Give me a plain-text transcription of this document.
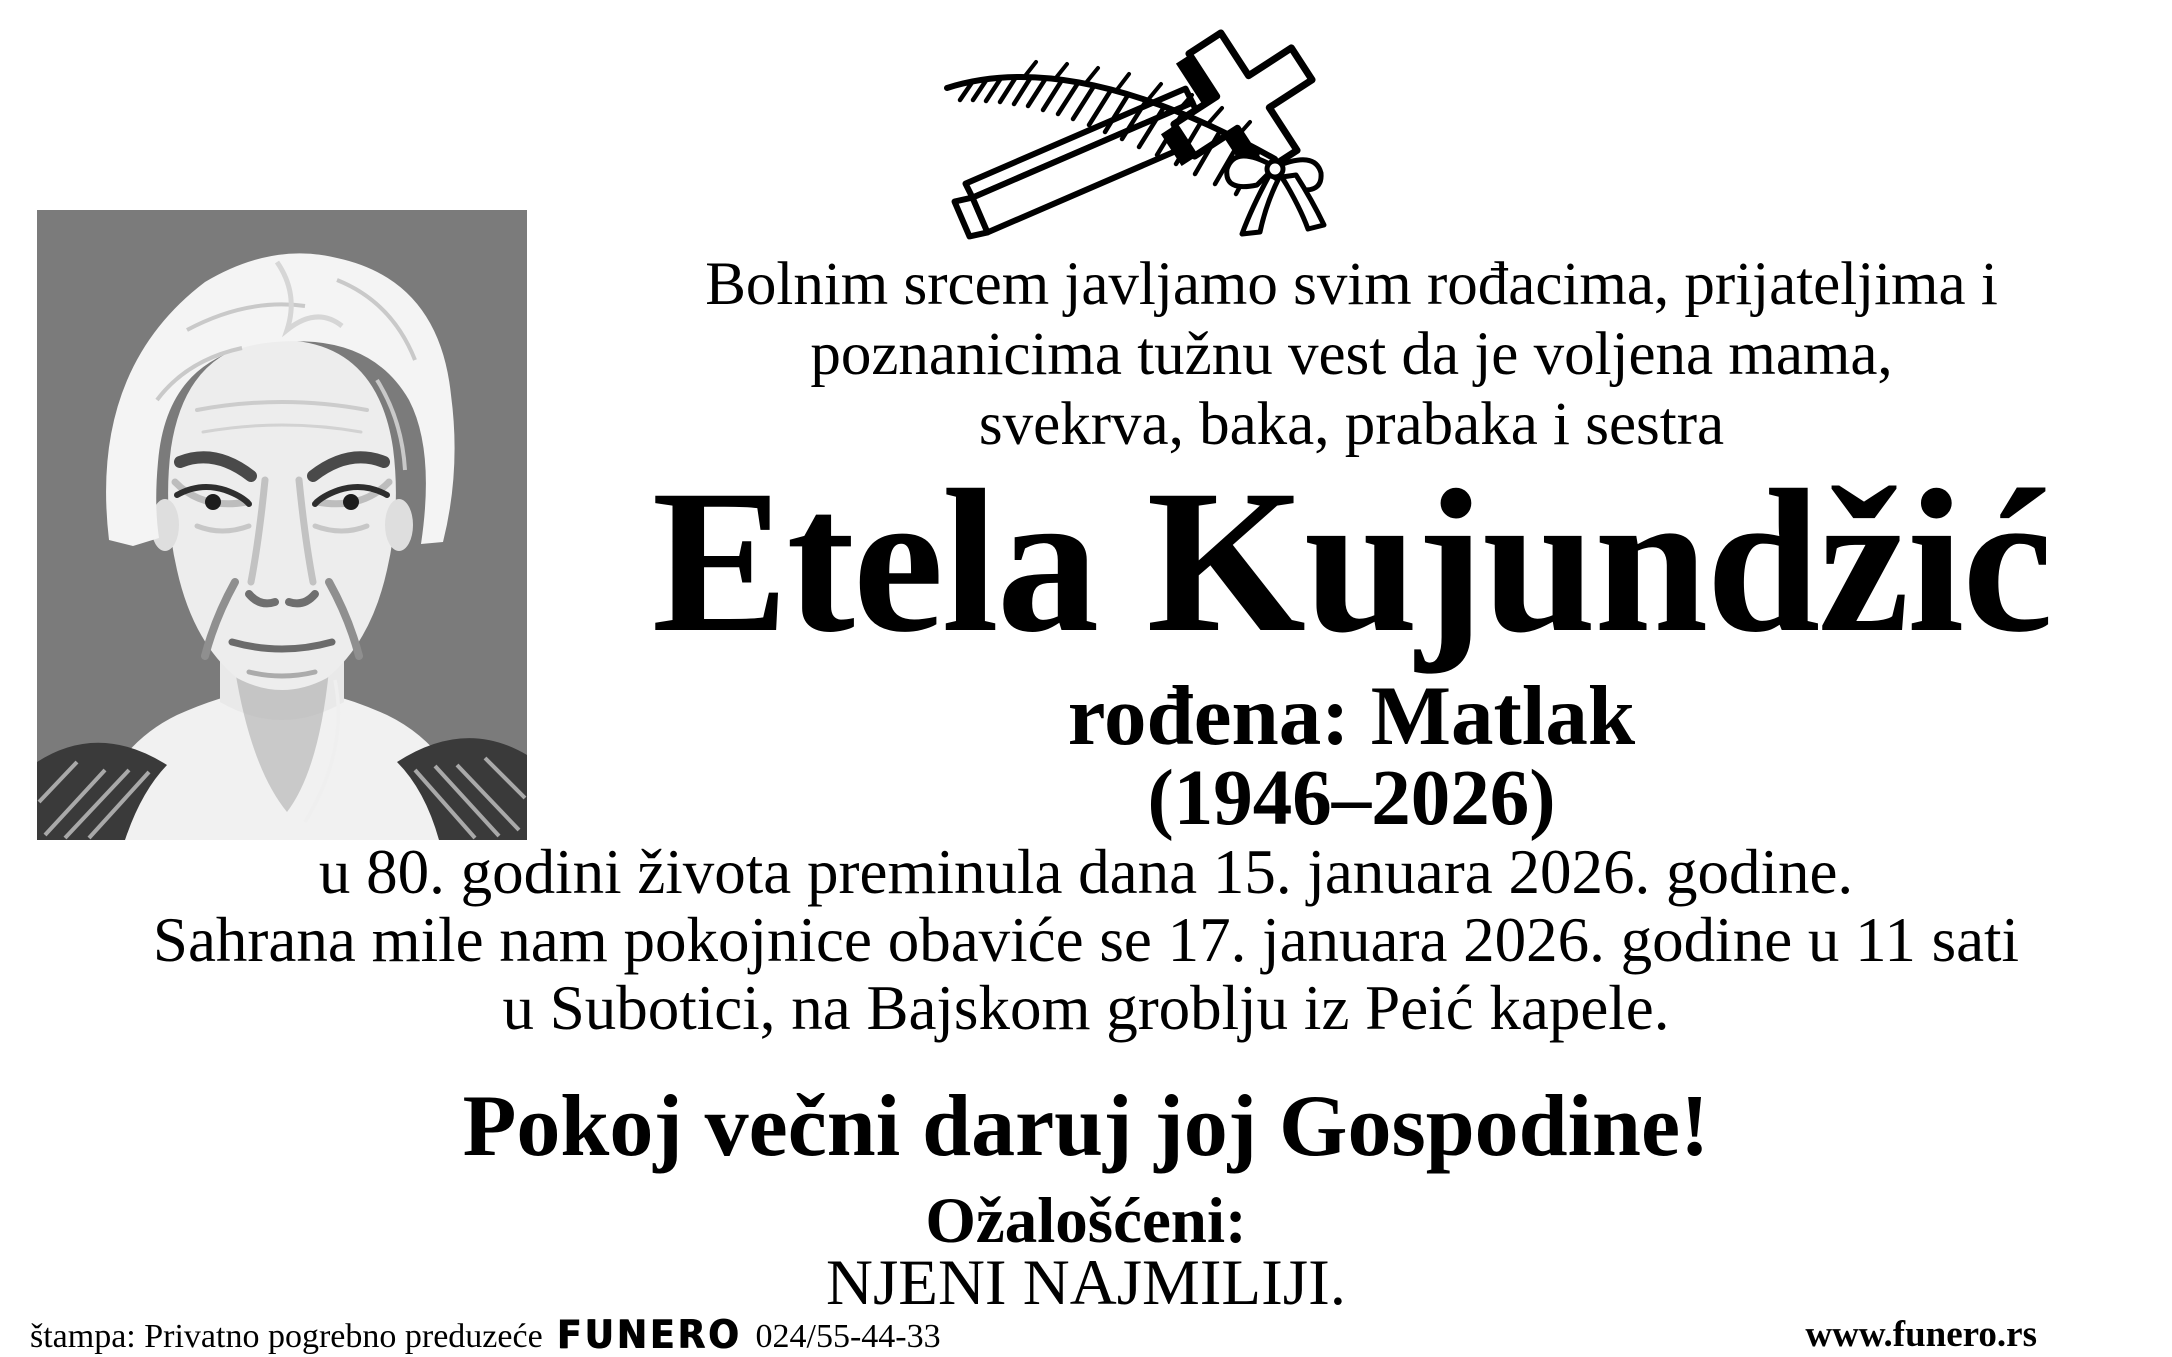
Bolnim srcem javljamo svim rođacima, prijateljima i
poznanicima tužnu vest da je voljena mama,
svekrva, baka, prabaka i sestra
Etela Kujundžić
rođena: Matlak
(1946–2026)
u 80. godini života preminula dana 15. januara 2026. godine.
Sahrana mile nam pokojnice obaviće se 17. januara 2026. godine u 11 sati
u Subotici, na Bajskom groblju iz Peić kapele.
Pokoj večni daruj joj Gospodine!
Ožalošćeni:
NJENI NAJMILIJI.
štampa: Privatno pogrebno preduzeće FUNERO 024/55-44-33	www.funero.rs
